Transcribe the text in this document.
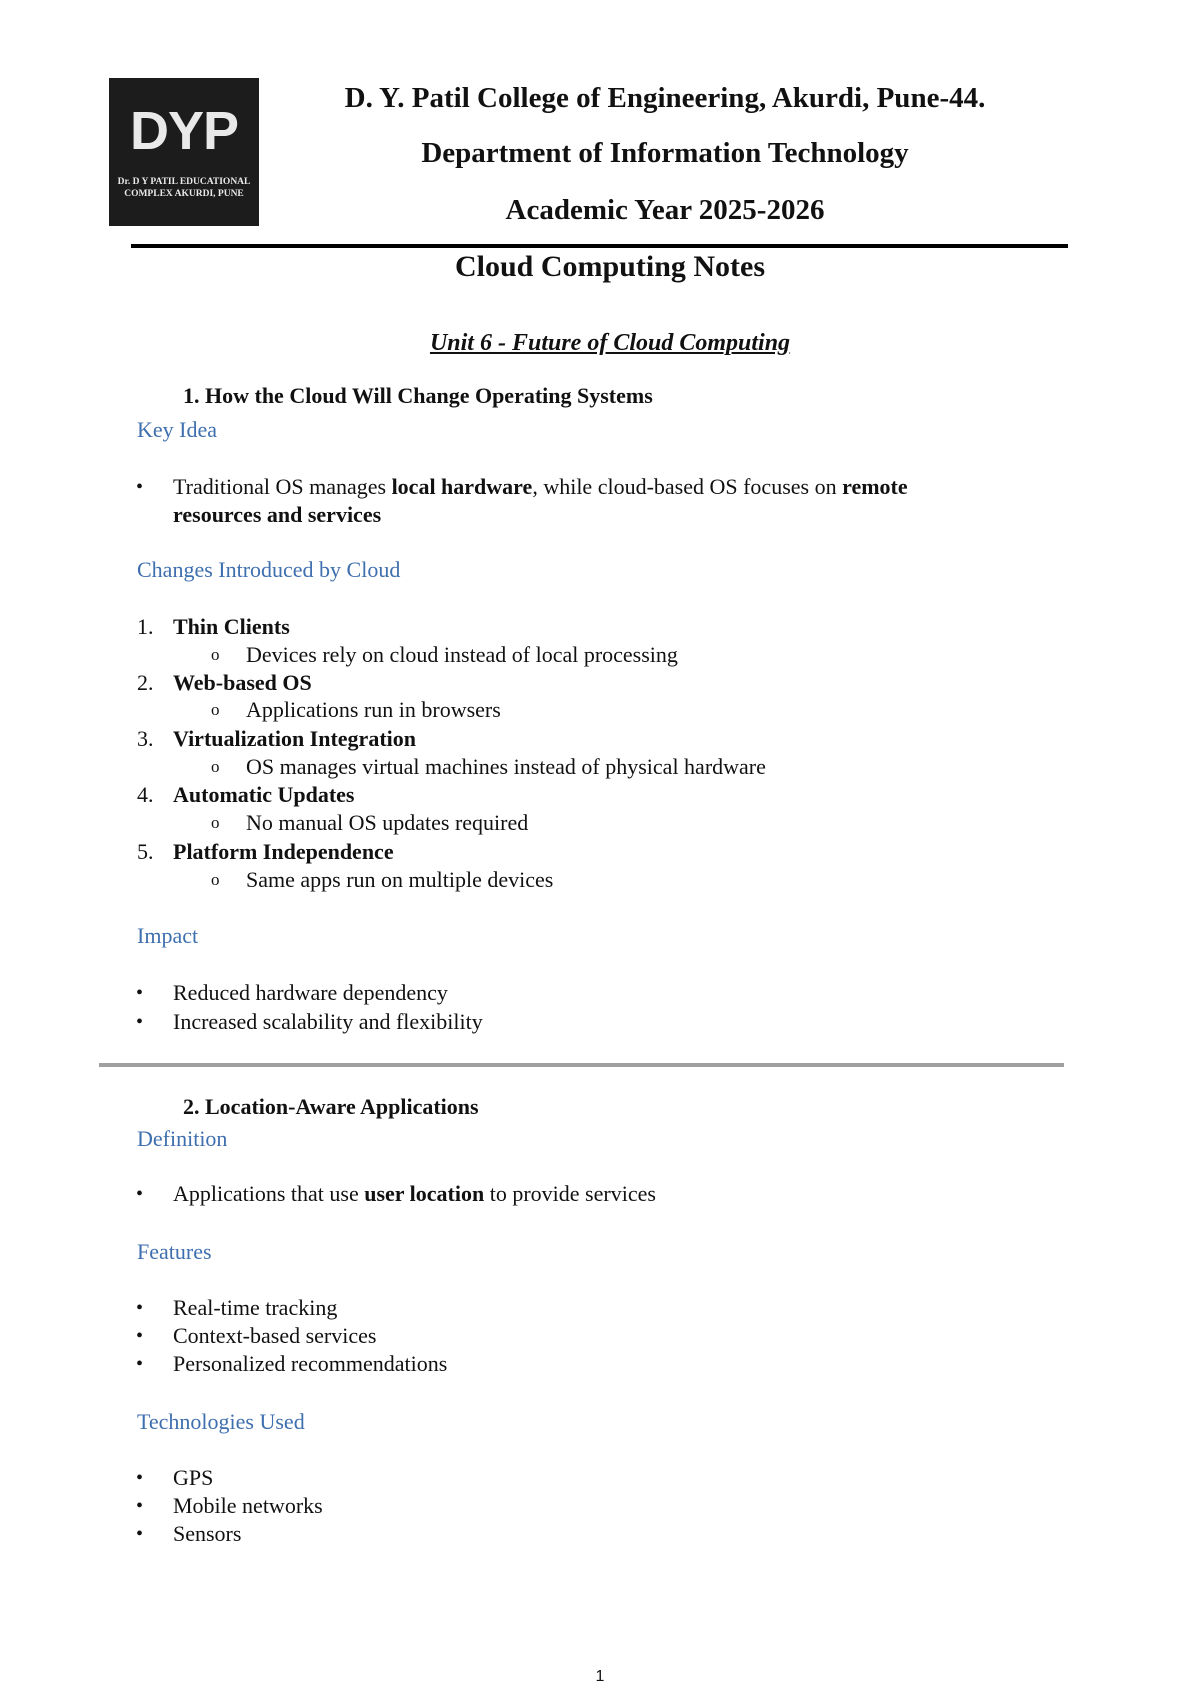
DYP
Dr. D Y PATIL EDUCATIONAL
COMPLEX AKURDI, PUNE
D. Y. Patil College of Engineering, Akurdi, Pune-44.
Department of Information Technology
Academic Year 2025-2026
Cloud Computing Notes
Unit 6 - Future of Cloud Computing
1. How the Cloud Will Change Operating Systems
Key Idea
• Traditional OS manages local hardware, while cloud-based OS focuses on remote
resources and services
Changes Introduced by Cloud
1. Thin Clients
o Devices rely on cloud instead of local processing
2. Web-based OS
o Applications run in browsers
3. Virtualization Integration
o OS manages virtual machines instead of physical hardware
4. Automatic Updates
o No manual OS updates required
5. Platform Independence
o Same apps run on multiple devices
Impact
• Reduced hardware dependency
• Increased scalability and flexibility
2. Location-Aware Applications
Definition
• Applications that use user location to provide services
Features
• Real-time tracking
• Context-based services
• Personalized recommendations
Technologies Used
• GPS
• Mobile networks
• Sensors
1
